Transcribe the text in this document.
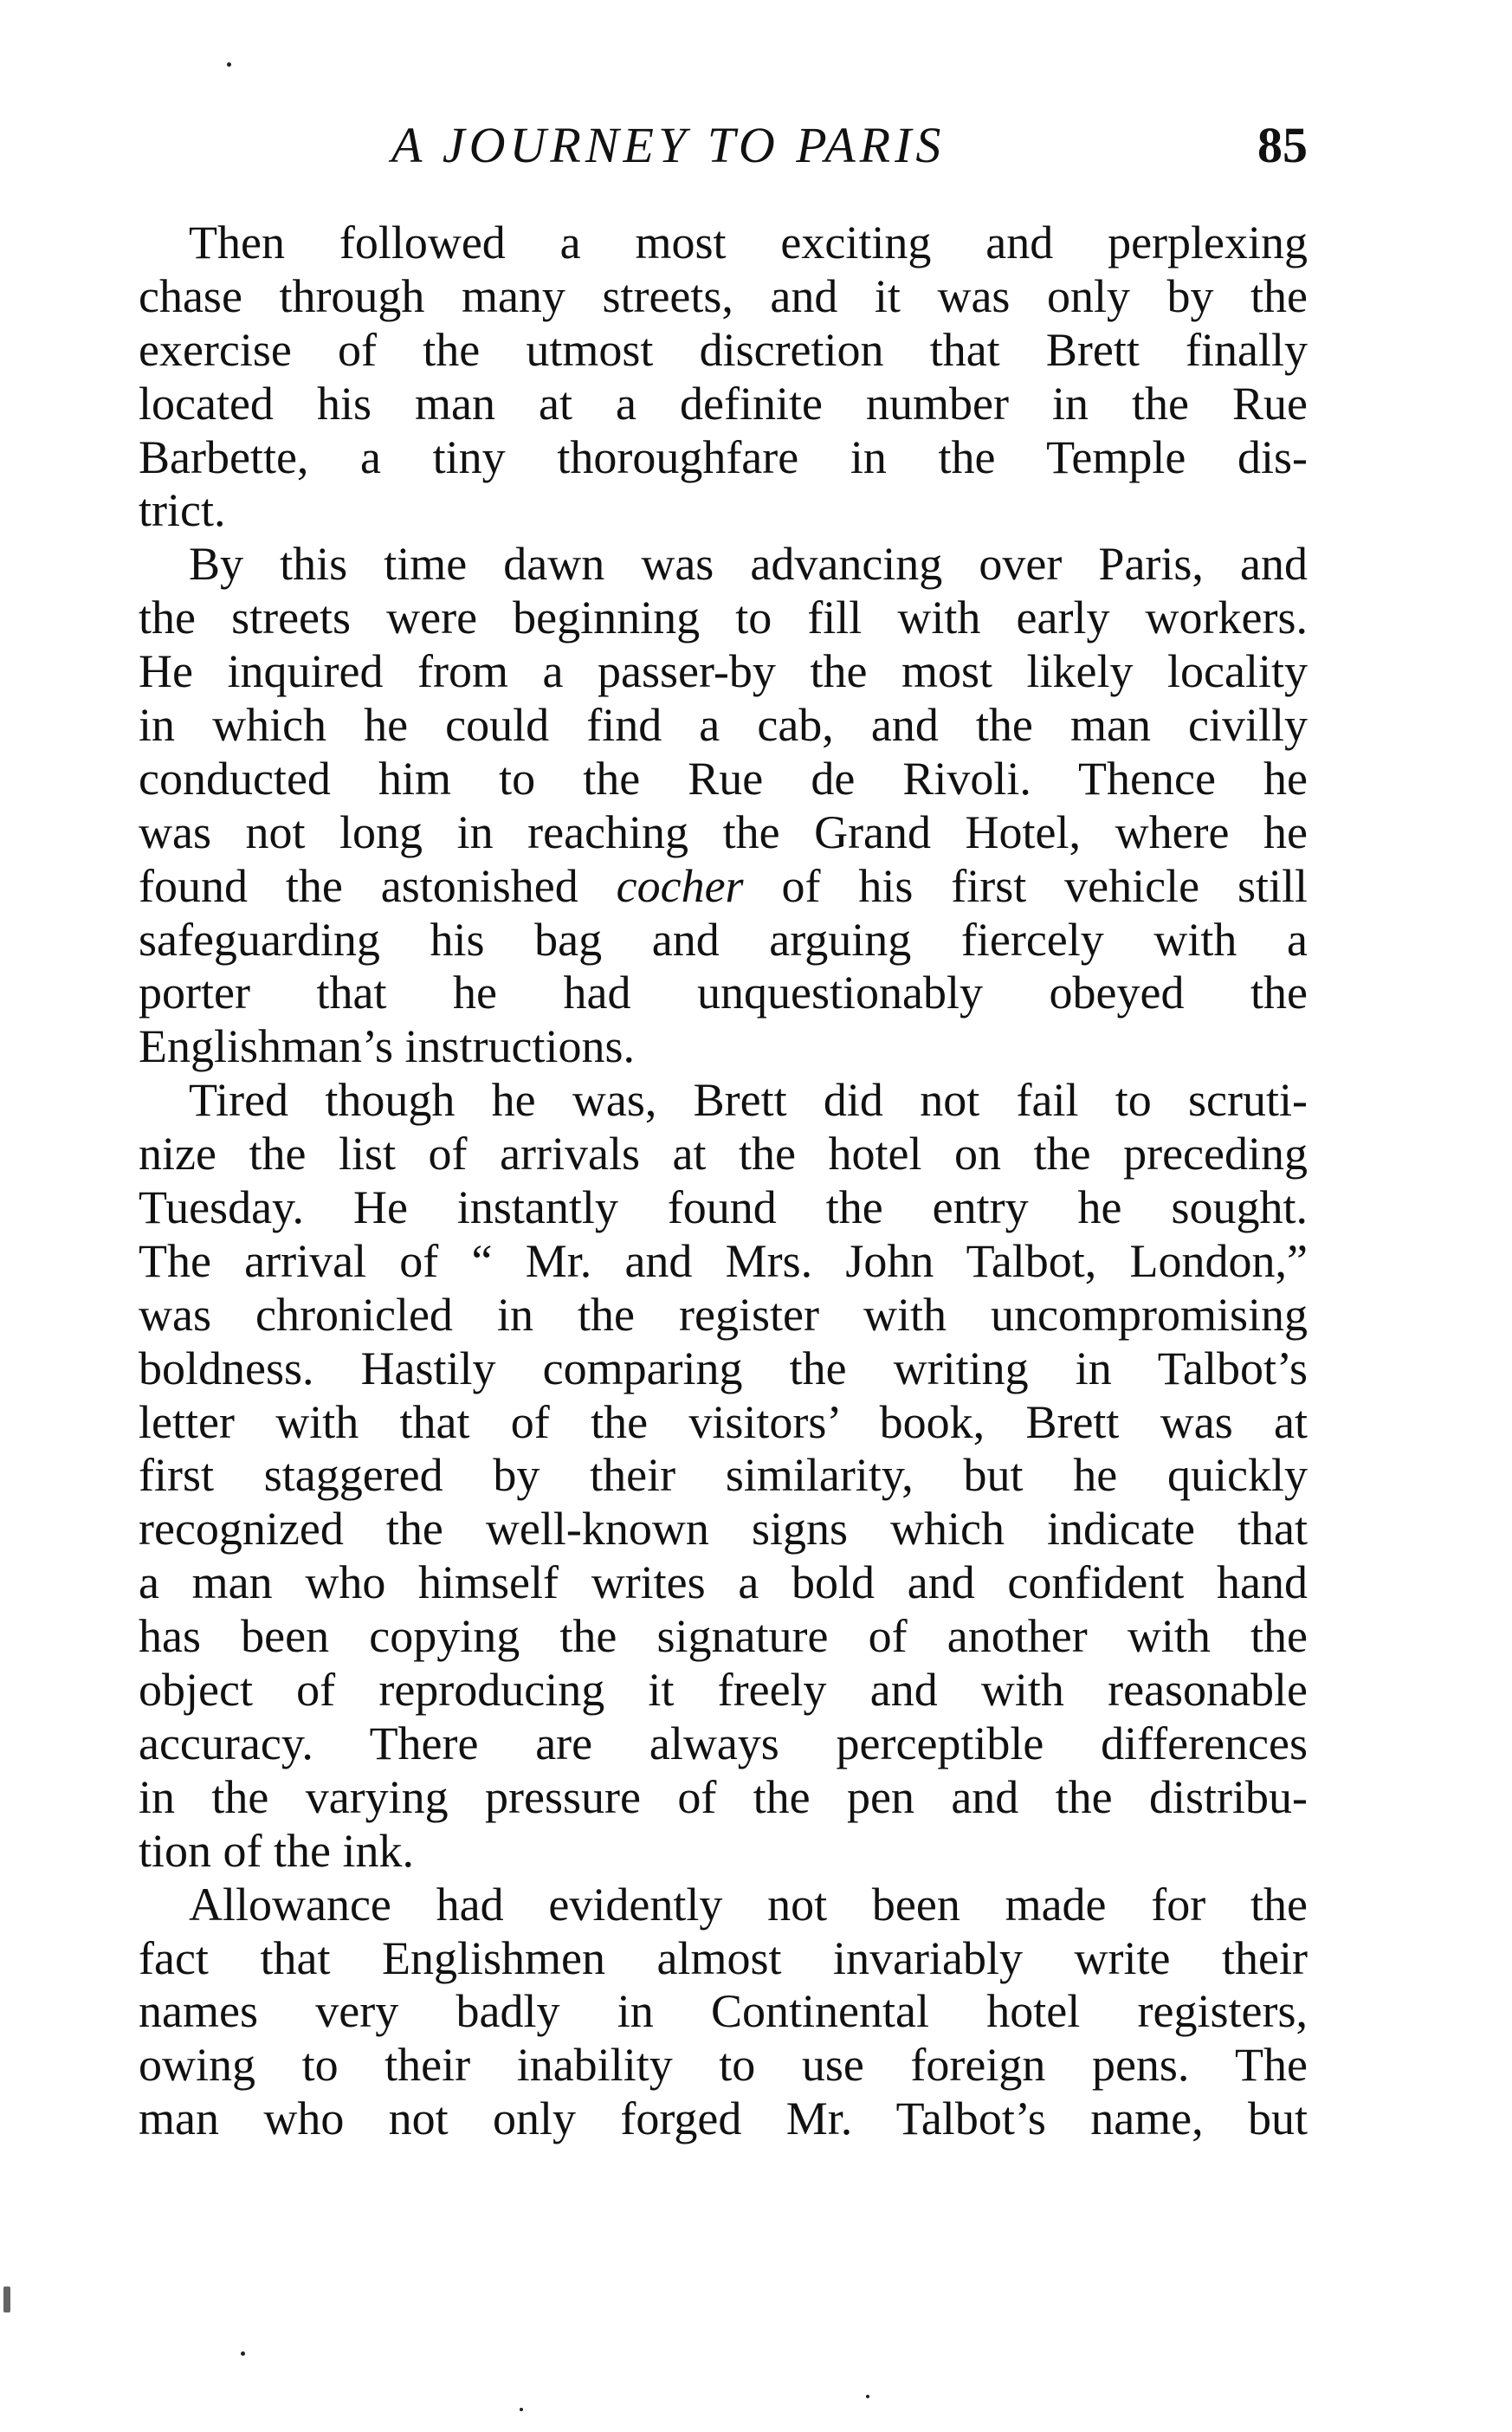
A JOURNEY TO PARIS	85
Then followed a most exciting and perplexing
chase through many streets, and it was only by the
exercise of the utmost discretion that Brett finally
located his man at a definite number in the Rue
Barbette, a tiny thoroughfare in the Temple dis-
trict.
By this time dawn was advancing over Paris, and
the streets were beginning to fill with early workers.
He inquired from a passer-by the most likely locality
in which he could find a cab, and the man civilly
conducted him to the Rue de Rivoli. Thence he
was not long in reaching the Grand Hotel, where he
found the astonished cocher of his first vehicle still
safeguarding his bag and arguing fiercely with a
porter that he had unquestionably obeyed the
Englishman’s instructions.
Tired though he was, Brett did not fail to scruti-
nize the list of arrivals at the hotel on the preceding
Tuesday. He instantly found the entry he sought.
The arrival of “ Mr. and Mrs. John Talbot, London,”
was chronicled in the register with uncompromising
boldness. Hastily comparing the writing in Talbot’s
letter with that of the visitors’ book, Brett was at
first staggered by their similarity, but he quickly
recognized the well-known signs which indicate that
a man who himself writes a bold and confident hand
has been copying the signature of another with the
object of reproducing it freely and with reasonable
accuracy. There are always perceptible differences
in the varying pressure of the pen and the distribu-
tion of the ink.
Allowance had evidently not been made for the
fact that Englishmen almost invariably write their
names very badly in Continental hotel registers,
owing to their inability to use foreign pens. The
man who not only forged Mr. Talbot’s name, but
